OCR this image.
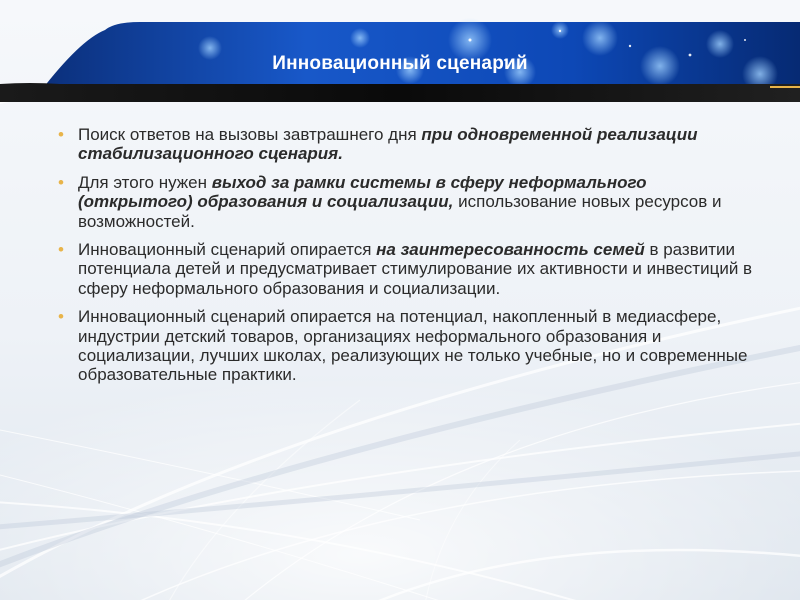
Инновационный сценарий
• Поиск ответов на вызовы завтрашнего дня при одновременной реализации стабилизационного сценария.
• Для этого нужен выход за рамки системы в сферу неформального (открытого) образования и социализации, использование новых ресурсов и возможностей.
• Инновационный сценарий опирается на заинтересованность семей в развитии потенциала детей и предусматривает стимулирование их активности и инвестиций в сферу неформального образования и социализации.
• Инновационный сценарий опирается на потенциал, накопленный в медиасфере, индустрии детский товаров, организациях неформального образования и социализации, лучших школах, реализующих не только учебные, но и современные образовательные практики.
